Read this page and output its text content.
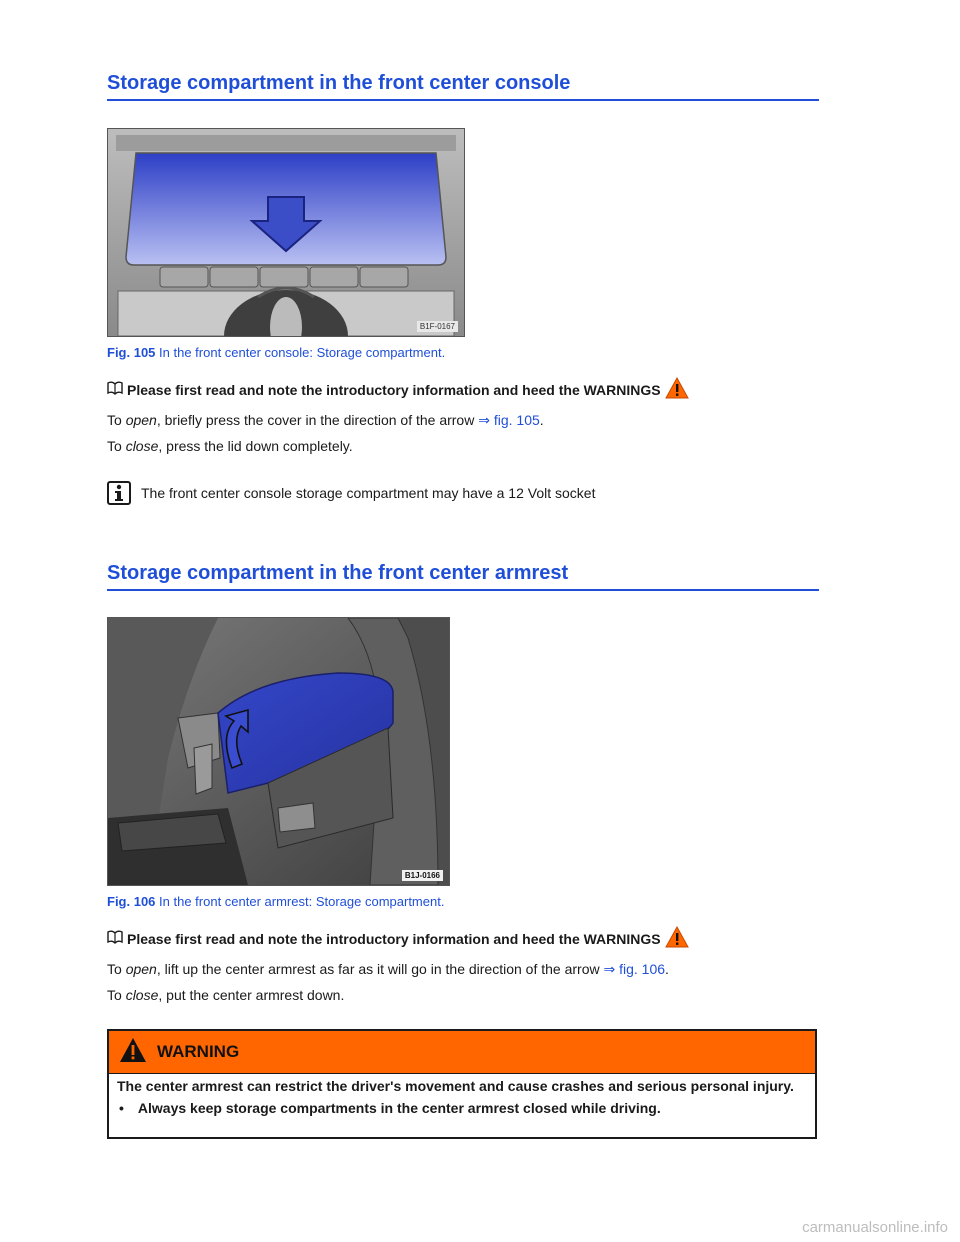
Storage compartment in the front center console
B1F-0167
Fig. 105 In the front center console: Storage compartment.
Please first read and note the introductory information and heed the WARNINGS
To open, briefly press the cover in the direction of the arrow ⇒ fig. 105.
To close, press the lid down completely.
The front center console storage compartment may have a 12 Volt socket
Storage compartment in the front center armrest
B1J-0166
Fig. 106 In the front center armrest: Storage compartment.
Please first read and note the introductory information and heed the WARNINGS
To open, lift up the center armrest as far as it will go in the direction of the arrow ⇒ fig. 106.
To close, put the center armrest down.
WARNING
The center armrest can restrict the driver's movement and cause crashes and serious personal injury.
• Always keep storage compartments in the center armrest closed while driving.
carmanualsonline.info
